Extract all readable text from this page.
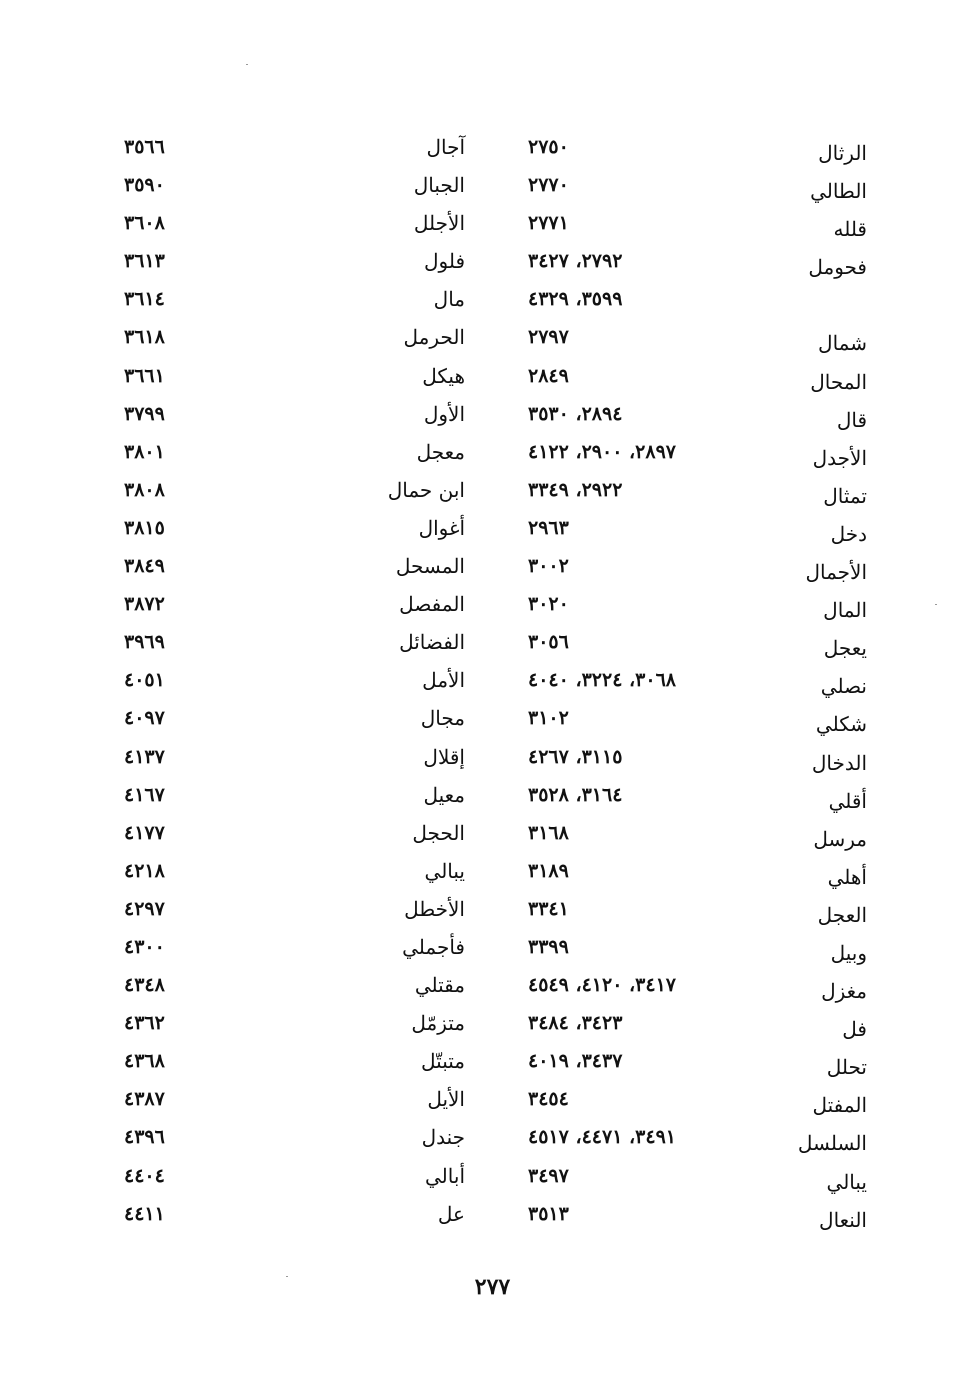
الرثال
٢٧٥٠
آجال
٣٥٦٦
الطالي
٢٧٧٠
الجبال
٣٥٩٠
قلله
٢٧٧١
الأجلل
٣٦٠٨
فحومل
٢٧٩٢، ٣٤٢٧
فلول
٣٦١٣
٣٥٩٩، ٤٣٢٩
مال
٣٦١٤
شمال
٢٧٩٧
الحرمل
٣٦١٨
المحال
٢٨٤٩
هيكل
٣٦٦١
قال
٢٨٩٤، ٣٥٣٠
الأول
٣٧٩٩
الأجدل
٢٨٩٧، ٢٩٠٠، ٤١٢٢
معجل
٣٨٠١
تمثال
٢٩٢٢، ٣٣٤٩
ابن حمال
٣٨٠٨
دخل
٢٩٦٣
أغوال
٣٨١٥
الأجمال
٣٠٠٢
المسحل
٣٨٤٩
المال
٣٠٢٠
المفصل
٣٨٧٢
يعجل
٣٠٥٦
الفضائل
٣٩٦٩
نصلي
٣٠٦٨، ٣٢٢٤، ٤٠٤٠
الأمل
٤٠٥١
شكلي
٣١٠٢
مجال
٤٠٩٧
الدخال
٣١١٥، ٤٢٦٧
إقلال
٤١٣٧
أقلي
٣١٦٤، ٣٥٢٨
معيل
٤١٦٧
مرسل
٣١٦٨
الحجل
٤١٧٧
أهلي
٣١٨٩
يبالي
٤٢١٨
العجل
٣٣٤١
الأخطل
٤٢٩٧
وبيل
٣٣٩٩
فأجملي
٤٣٠٠
مغزل
٣٤١٧، ٤١٢٠، ٤٥٤٩
مقتلي
٤٣٤٨
فل
٣٤٢٣، ٣٤٨٤
متزمّل
٤٣٦٢
تحلل
٣٤٣٧، ٤٠١٩
متبتّل
٤٣٦٨
المفتل
٣٤٥٤
الأيل
٤٣٨٧
السلسل
٣٤٩١، ٤٤٧١، ٤٥١٧
جندل
٤٣٩٦
يبالي
٣٤٩٧
أبالي
٤٤٠٤
النعال
٣٥١٣
عل
٤٤١١
٢٧٧
